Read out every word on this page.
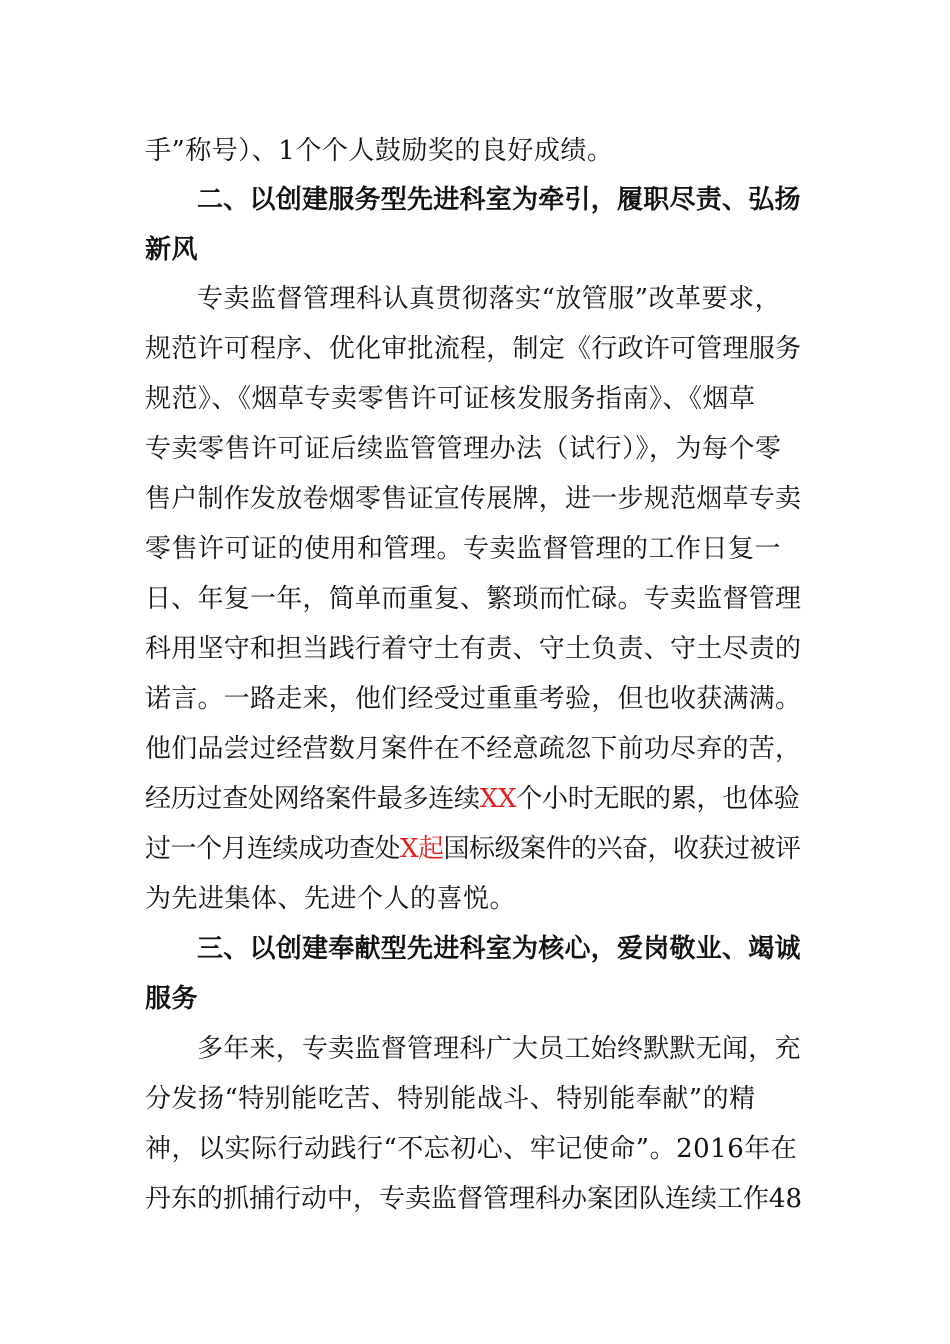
手”称号）、1个个人鼓励奖的良好成绩。
二、以创建服务型先进科室为牵引，履职尽责、弘扬
新风
专卖监督管理科认真贯彻落实“放管服”改革要求，
规范许可程序、优化审批流程，制定《行政许可管理服务
规范》、《烟草专卖零售许可证核发服务指南》、《烟草
专卖零售许可证后续监管管理办法（试行）》，为每个零
售户制作发放卷烟零售证宣传展牌，进一步规范烟草专卖
零售许可证的使用和管理。专卖监督管理的工作日复一
日、年复一年，简单而重复、繁琐而忙碌。专卖监督管理
科用坚守和担当践行着守土有责、守土负责、守土尽责的
诺言。一路走来，他们经受过重重考验，但也收获满满。
他们品尝过经营数月案件在不经意疏忽下前功尽弃的苦，
经历过查处网络案件最多连续XX个小时无眠的累，也体验
过一个月连续成功查处X起国标级案件的兴奋，收获过被评
为先进集体、先进个人的喜悦。
三、以创建奉献型先进科室为核心，爱岗敬业、竭诚
服务
多年来，专卖监督管理科广大员工始终默默无闻，充
分发扬“特别能吃苦、特别能战斗、特别能奉献”的精
神，以实际行动践行“不忘初心、牢记使命”。2016年在
丹东的抓捕行动中，专卖监督管理科办案团队连续工作48
